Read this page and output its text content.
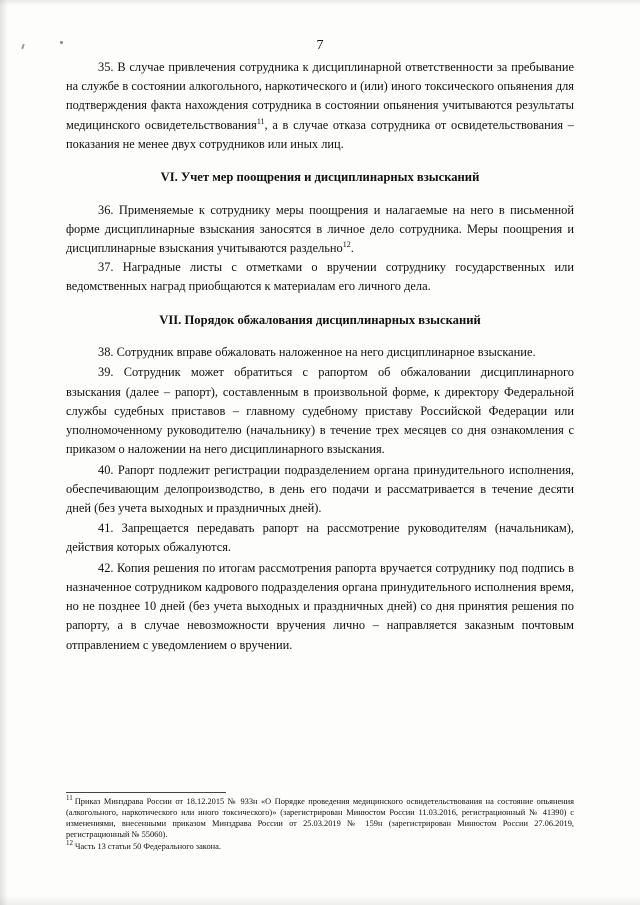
7

35. В случае привлечения сотрудника к дисциплинарной ответственности за пребывание на службе в состоянии алкогольного, наркотического и (или) иного токсического опьянения для подтверждения факта нахождения сотрудника в состоянии опьянения учитываются результаты медицинского освидетельствования$^{11}$, а в случае отказа сотрудника от освидетельствования – показания не менее двух сотрудников или иных лиц.

VI. Учет мер поощрения и дисциплинарных взысканий

36. Применяемые к сотруднику меры поощрения и налагаемые на него в письменной форме дисциплинарные взыскания заносятся в личное дело сотрудника. Меры поощрения и дисциплинарные взыскания учитываются раздельно$^{12}$.

37. Наградные листы с отметками о вручении сотруднику государственных или ведомственных наград приобщаются к материалам его личного дела.

VII. Порядок обжалования дисциплинарных взысканий

38. Сотрудник вправе обжаловать наложенное на него дисциплинарное взыскание.

39. Сотрудник может обратиться с рапортом об обжаловании дисциплинарного взыскания (далее – рапорт), составленным в произвольной форме, к директору Федеральной службы судебных приставов – главному судебному приставу Российской Федерации или уполномоченному руководителю (начальнику) в течение трех месяцев со дня ознакомления с приказом о наложении на него дисциплинарного взыскания.

40. Рапорт подлежит регистрации подразделением органа принудительного исполнения, обеспечивающим делопроизводство, в день его подачи и рассматривается в течение десяти дней (без учета выходных и праздничных дней).

41. Запрещается передавать рапорт на рассмотрение руководителям (начальникам), действия которых обжалуются.

42. Копия решения по итогам рассмотрения рапорта вручается сотруднику под подпись в назначенное сотрудником кадрового подразделения органа принудительного исполнения время, но не позднее 10 дней (без учета выходных и праздничных дней) со дня принятия решения по рапорту, а в случае невозможности вручения лично – направляется заказным почтовым отправлением с уведомлением о вручении.

$^{11}$ Приказ Минздрава России от 18.12.2015 № 933н «О Порядке проведения медицинского освидетельствования на состояние опьянения (алкогольного, наркотического или иного токсического)» (зарегистрирован Минюстом России 11.03.2016, регистрационный № 41390) с изменениями, внесенными приказом Минздрава России от 25.03.2019 № 159н (зарегистрирован Минюстом России 27.06.2019, регистрационный № 55060).

$^{12}$ Часть 13 статьи 50 Федерального закона.
